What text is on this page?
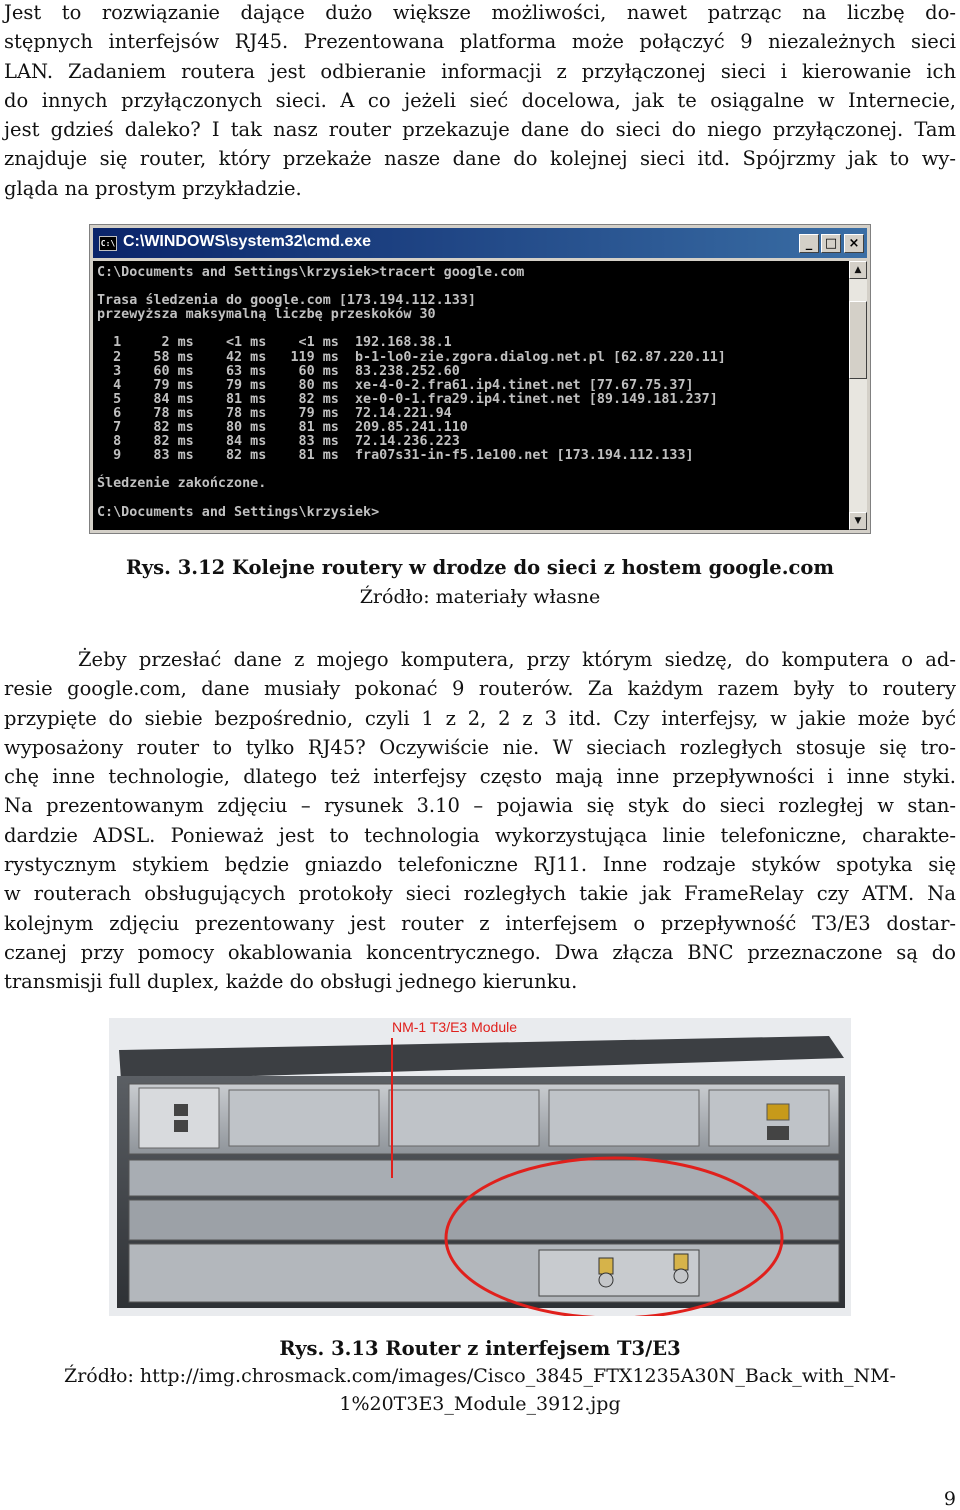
Jest to rozwiązanie dające dużo większe możliwości, nawet patrząc na liczbę do-
stępnych interfejsów RJ45. Prezentowana platforma może połączyć 9 niezależnych sieci
LAN. Zadaniem routera jest odbieranie informacji z przyłączonej sieci i kierowanie ich
do innych przyłączonych sieci. A co jeżeli sieć docelowa, jak te osiągalne w Internecie,
jest gdzieś daleko? I tak nasz router przekazuje dane do sieci do niego przyłączonej. Tam
znajduje się router, który przekaże nasze dane do kolejnej sieci itd. Spójrzmy jak to wy-
gląda na prostym przykładzie.
C:\ C:\WINDOWS\system32\cmd.exe	_ □ ×
C:\Documents and Settings\krzysiek>tracert google.com

Trasa śledzenia do google.com [173.194.112.133]
przewyższa maksymalną liczbę przeskoków 30

1     2 ms    <1 ms    <1 ms  192.168.38.1
2    58 ms    42 ms   119 ms  b-1-lo0-zie.zgora.dialog.net.pl [62.87.220.11]
3    60 ms    63 ms    60 ms  83.238.252.60
4    79 ms    79 ms    80 ms  xe-4-0-2.fra61.ip4.tinet.net [77.67.75.37]
5    84 ms    81 ms    82 ms  xe-0-0-1.fra29.ip4.tinet.net [89.149.181.237]
6    78 ms    78 ms    79 ms  72.14.221.94
7    82 ms    80 ms    81 ms  209.85.241.110
8    82 ms    84 ms    83 ms  72.14.236.223
9    83 ms    82 ms    81 ms  fra07s31-in-f5.1e100.net [173.194.112.133]

Śledzenie zakończone.

C:\Documents and Settings\krzysiek>
▲
▼

Rys. 3.12 Kolejne routery w drodze do sieci z hostem google.com

Źródło: materiały własne

Żeby przesłać dane z mojego komputera, przy którym siedzę, do komputera o ad-
resie google.com, dane musiały pokonać 9 routerów. Za każdym razem były to routery
przypięte do siebie bezpośrednio, czyli 1 z 2, 2 z 3 itd. Czy interfejsy, w jakie może być
wyposażony router to tylko RJ45? Oczywiście nie. W sieciach rozległych stosuje się tro-
chę inne technologie, dlatego też interfejsy często mają inne przepływności i inne styki.
Na prezentowanym zdjęciu – rysunek 3.10 – pojawia się styk do sieci rozległej w stan-
dardzie ADSL. Ponieważ jest to technologia wykorzystująca linie telefoniczne, charakte-
rystycznym stykiem będzie gniazdo telefoniczne RJ11. Inne rodzaje styków spotyka się
w routerach obsługujących protokoły sieci rozległych takie jak FrameRelay czy ATM. Na
kolejnym zdjęciu prezentowany jest router z interfejsem o przepływność T3/E3 dostar-
czanej przy pomocy okablowania koncentrycznego. Dwa złącza BNC przeznaczone są do
transmisji full duplex, każde do obsługi jednego kierunku.
NM-1 T3/E3 Module

Rys. 3.13 Router z interfejsem T3/E3

Źródło: http://img.chrosmack.com/images/Cisco_3845_FTX1235A30N_Back_with_NM-

1%20T3E3_Module_3912.jpg

9
